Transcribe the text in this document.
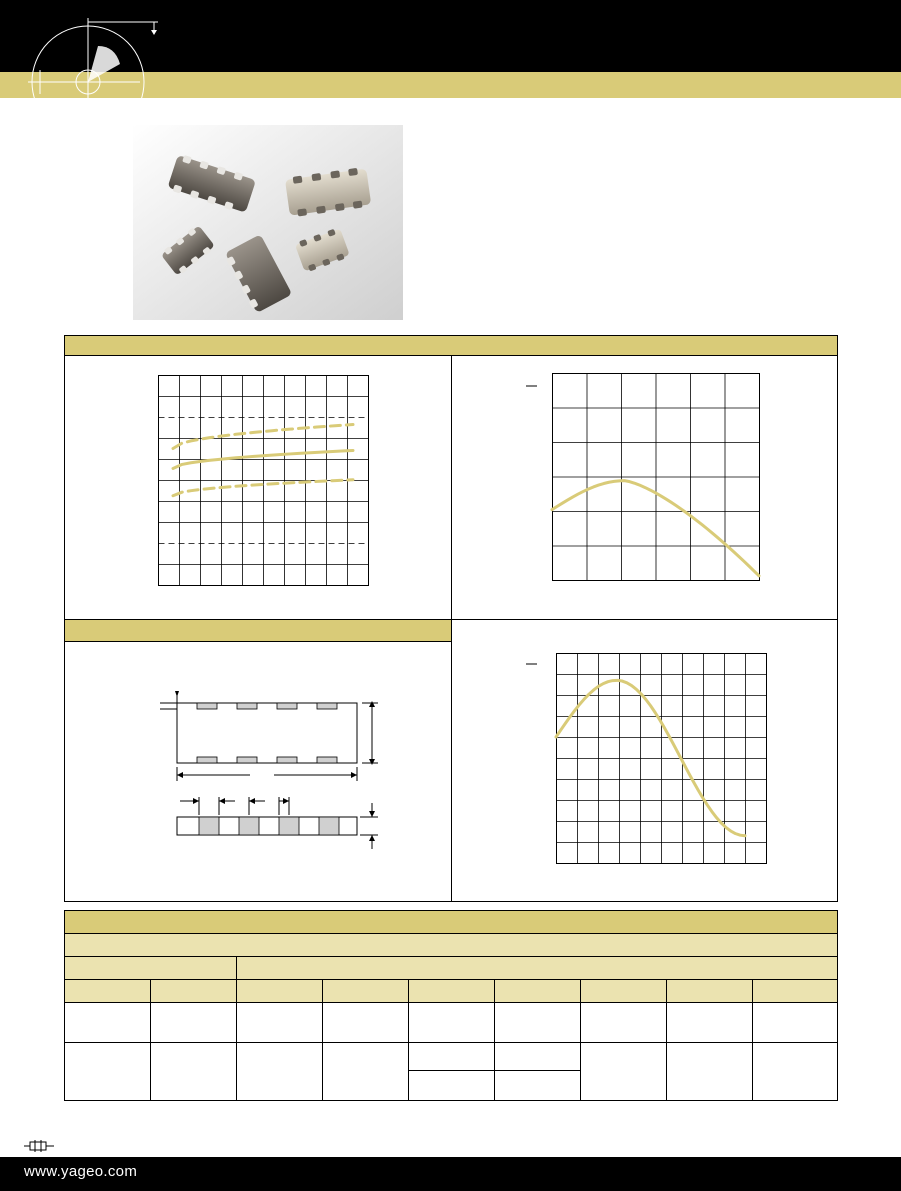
www.yageo.com
